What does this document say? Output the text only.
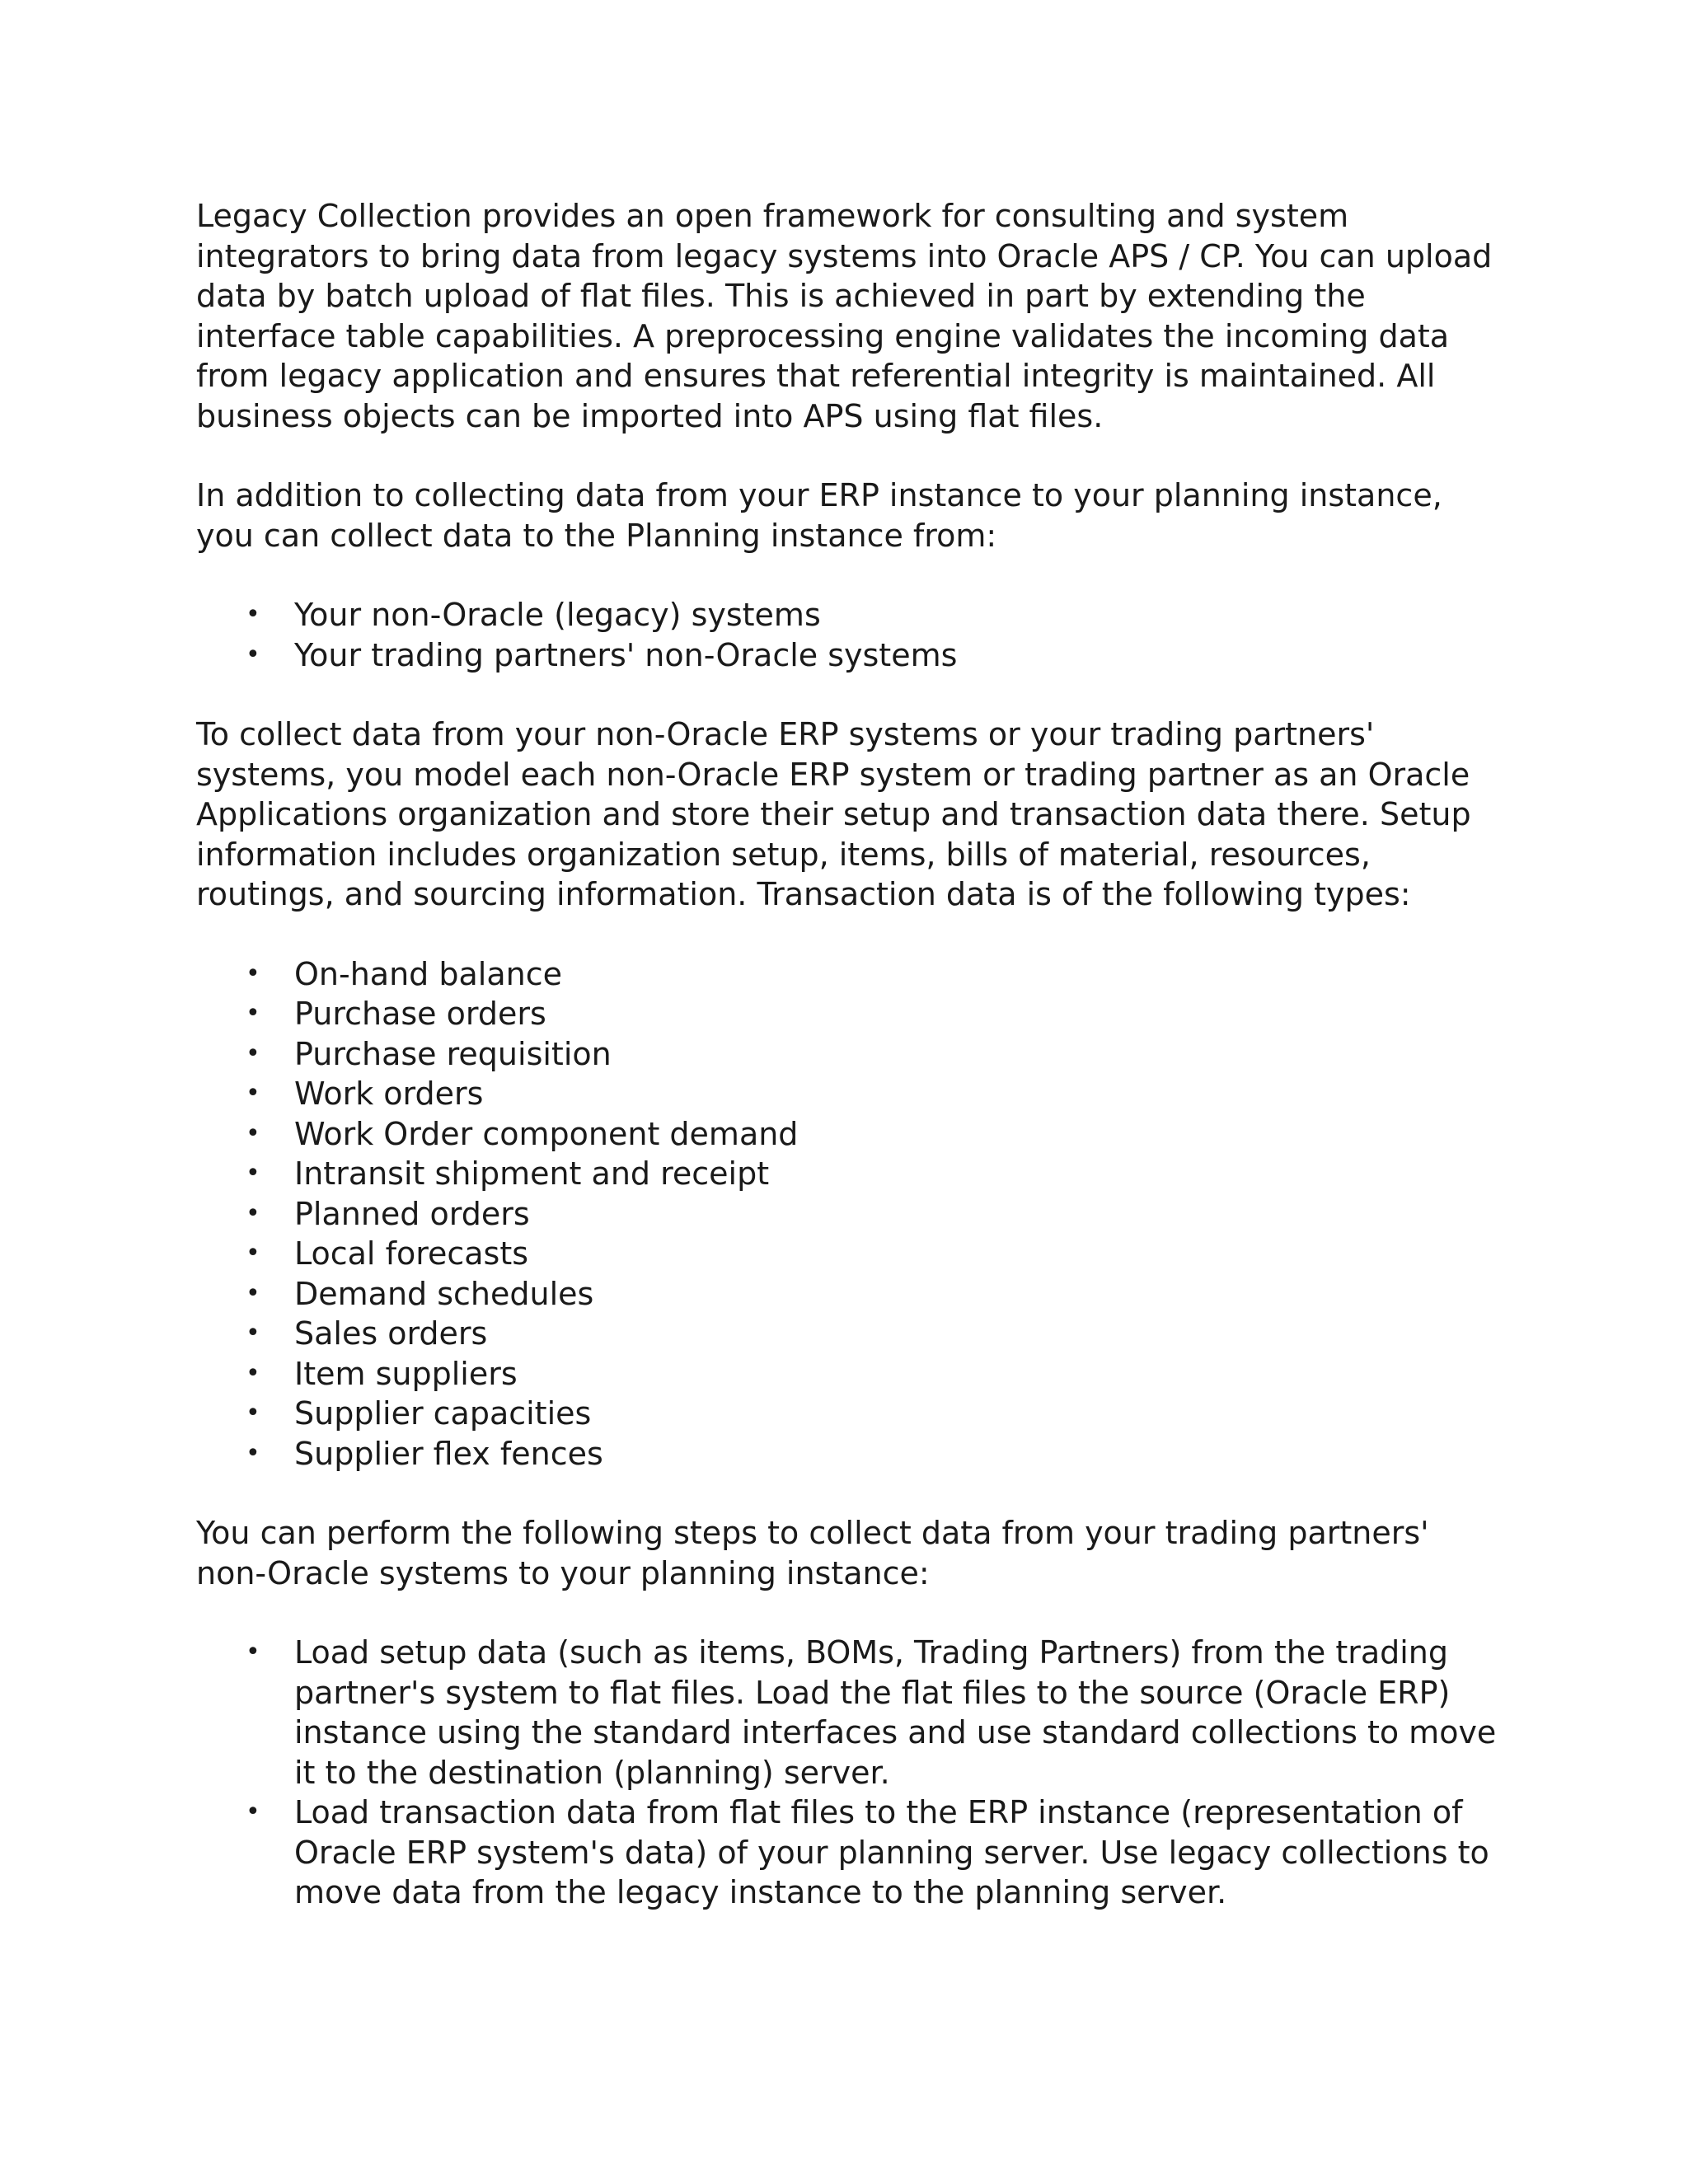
Legacy Collection provides an open framework for consulting and system integrators to bring data from legacy systems into Oracle APS / CP. You can upload data by batch upload of flat files. This is achieved in part by extending the interface table capabilities. A preprocessing engine validates the incoming data from legacy application and ensures that referential integrity is maintained. All business objects can be imported into APS using flat files.

In addition to collecting data from your ERP instance to your planning instance, you can collect data to the Planning instance from:

• Your non-Oracle (legacy) systems
• Your trading partners' non-Oracle systems

To collect data from your non-Oracle ERP systems or your trading partners' systems, you model each non-Oracle ERP system or trading partner as an Oracle Applications organization and store their setup and transaction data there. Setup information includes organization setup, items, bills of material, resources, routings, and sourcing information. Transaction data is of the following types:

• On-hand balance
• Purchase orders
• Purchase requisition
• Work orders
• Work Order component demand
• Intransit shipment and receipt
• Planned orders
• Local forecasts
• Demand schedules
• Sales orders
• Item suppliers
• Supplier capacities
• Supplier flex fences

You can perform the following steps to collect data from your trading partners' non-Oracle systems to your planning instance:

• Load setup data (such as items, BOMs, Trading Partners) from the trading partner's system to flat files. Load the flat files to the source (Oracle ERP) instance using the standard interfaces and use standard collections to move it to the destination (planning) server.
• Load transaction data from flat files to the ERP instance (representation of Oracle ERP system's data) of your planning server. Use legacy collections to move data from the legacy instance to the planning server.
